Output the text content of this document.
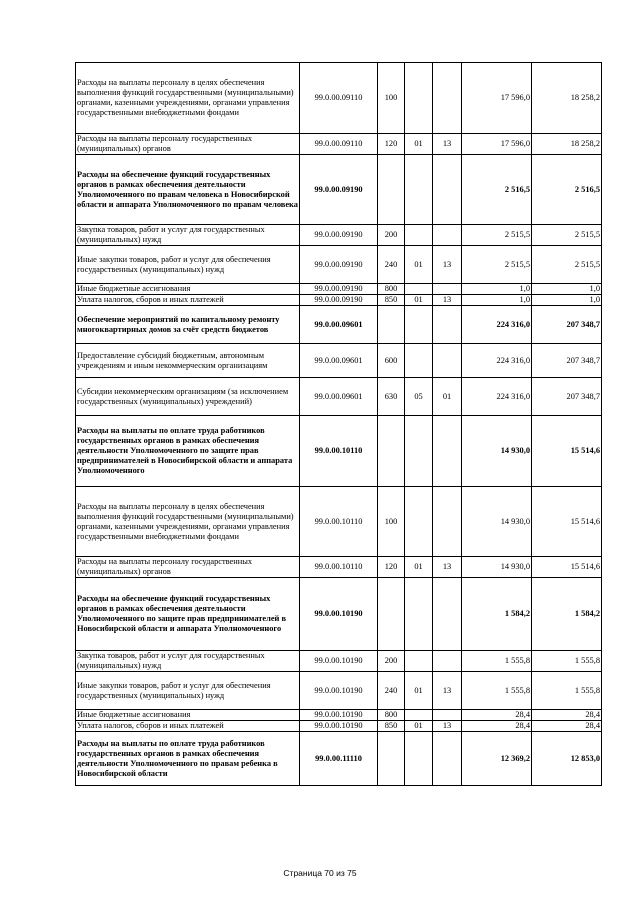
Расходы на выплаты персоналу в целях обеспечения выполнения функций государственными (муниципальными) органами, казенными учреждениями, органами управления государственными внебюджетными фондами	99.0.00.09110	100			17 596,0	18 258,2
Расходы на выплаты персоналу государственных (муниципальных) органов	99.0.00.09110	120	01	13	17 596,0	18 258,2
Расходы на обеспечение функций государственных органов в рамках обеспечения деятельности Уполномоченного по правам человека в Новосибирской области и аппарата Уполномоченного по правам человека	99.0.00.09190				2 516,5	2 516,5
Закупка товаров, работ и услуг для государственных (муниципальных) нужд	99.0.00.09190	200			2 515,5	2 515,5
Иные закупки товаров, работ и услуг для обеспечения государственных (муниципальных) нужд	99.0.00.09190	240	01	13	2 515,5	2 515,5
Иные бюджетные ассигнования	99.0.00.09190	800			1,0	1,0
Уплата налогов, сборов и иных платежей	99.0.00.09190	850	01	13	1,0	1,0
Обеспечение мероприятий по капитальному ремонту многоквартирных домов за счёт средств бюджетов	99.0.00.09601				224 316,0	207 348,7
Предоставление субсидий бюджетным, автономным учреждениям и иным некоммерческим организациям	99.0.00.09601	600			224 316,0	207 348,7
Субсидии некоммерческим организациям (за исключением государственных (муниципальных) учреждений)	99.0.00.09601	630	05	01	224 316,0	207 348,7
Расходы на выплаты по оплате труда работников государственных органов в рамках обеспечения деятельности Уполномоченного по защите прав предпринимателей в Новосибирской области и аппарата Уполномоченного	99.0.00.10110				14 930,0	15 514,6
Расходы на выплаты персоналу в целях обеспечения выполнения функций государственными (муниципальными) органами, казенными учреждениями, органами управления государственными внебюджетными фондами	99.0.00.10110	100			14 930,0	15 514,6
Расходы на выплаты персоналу государственных (муниципальных) органов	99.0.00.10110	120	01	13	14 930,0	15 514,6
Расходы на обеспечение функций государственных органов в рамках обеспечения деятельности Уполномоченного по защите прав предпринимателей в Новосибирской области и аппарата Уполномоченного	99.0.00.10190				1 584,2	1 584,2
Закупка товаров, работ и услуг для государственных (муниципальных) нужд	99.0.00.10190	200			1 555,8	1 555,8
Иные закупки товаров, работ и услуг для обеспечения государственных (муниципальных) нужд	99.0.00.10190	240	01	13	1 555,8	1 555,8
Иные бюджетные ассигнования	99.0.00.10190	800			28,4	28,4
Уплата налогов, сборов и иных платежей	99.0.00.10190	850	01	13	28,4	28,4
Расходы на выплаты по оплате труда работников государственных органов в рамках обеспечения деятельности Уполномоченного по правам ребенка в Новосибирской области	99.0.00.11110				12 369,2	12 853,0
Страница 70 из 75
